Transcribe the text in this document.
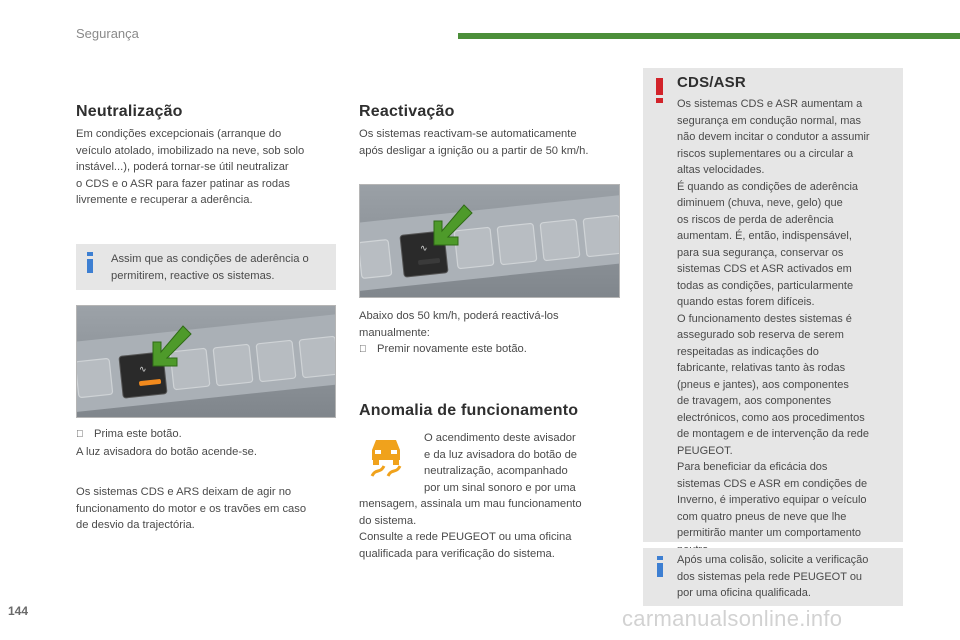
Segurança
Neutralização
Em condições excepcionais (arranque do
veículo atolado, imobilizado na neve, sob solo
instável...), poderá tornar-se útil neutralizar
o CDS e o ASR para fazer patinar as rodas
livremente e recuperar a aderência.
Assim que as condições de aderência o
permitirem, reactive os sistemas.
∿
Prima este botão.
A luz avisadora do botão acende-se.
Os sistemas CDS e ARS deixam de agir no
funcionamento do motor e os travões em caso
de desvio da trajectória.
Reactivação
Os sistemas reactivam-se automaticamente
após desligar a ignição ou a partir de 50 km/h.
∿
Abaixo dos 50 km/h, poderá reactivá-los
manualmente:
Premir novamente este botão.
Anomalia de funcionamento
O acendimento deste avisador
e da luz avisadora do botão de
neutralização, acompanhado
por um sinal sonoro e por uma
mensagem, assinala um mau funcionamento
do sistema.
Consulte a rede PEUGEOT ou uma oficina
qualificada para verificação do sistema.
CDS/ASR
Os sistemas CDS e ASR aumentam a
segurança em condução normal, mas
não devem incitar o condutor a assumir
riscos suplementares ou a circular a
altas velocidades.
É quando as condições de aderência
diminuem (chuva, neve, gelo) que
os riscos de perda de aderência
aumentam. É, então, indispensável,
para sua segurança, conservar os
sistemas CDS et ASR activados em
todas as condições, particularmente
quando estas forem difíceis.
O funcionamento destes sistemas é
assegurado sob reserva de serem
respeitadas as indicações do
fabricante, relativas tanto às rodas
(pneus e jantes), aos componentes
de travagem, aos componentes
electrónicos, como aos procedimentos
de montagem e de intervenção da rede
PEUGEOT.
Para beneficiar da eficácia dos
sistemas CDS e ASR em condições de
Inverno, é imperativo equipar o veículo
com quatro pneus de neve que lhe
permitirão manter um comportamento
Após uma colisão, solicite a verificação
dos sistemas pela rede PEUGEOT ou
por uma oficina qualificada.
144	carmanualsonline.info
